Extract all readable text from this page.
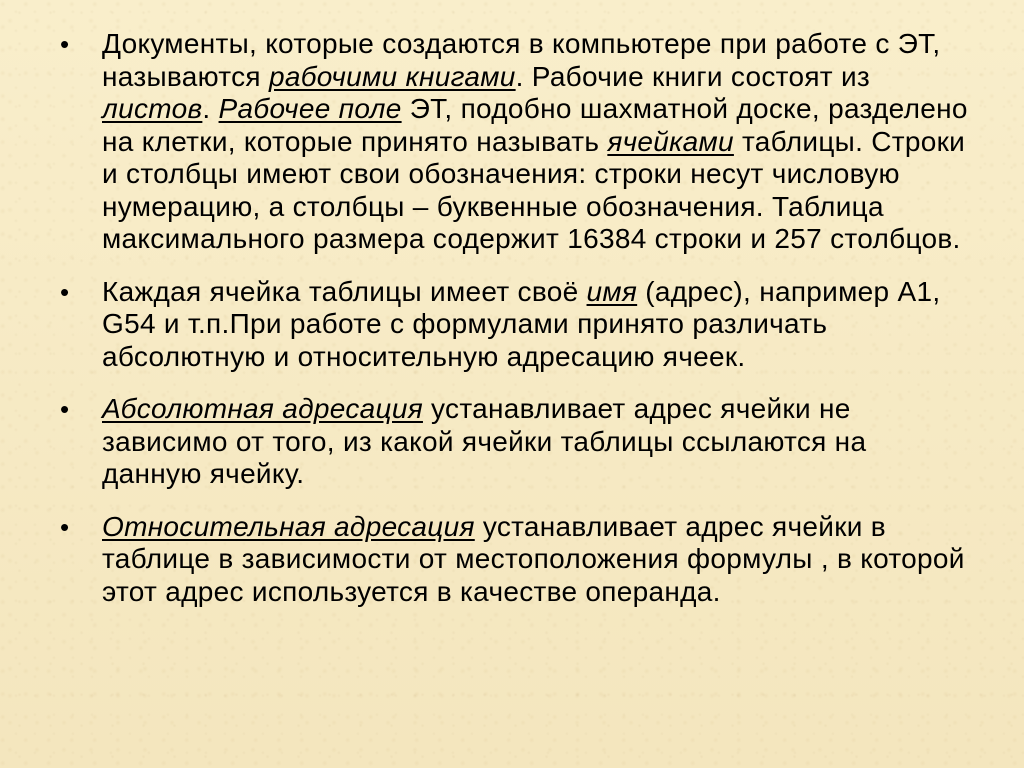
• Документы, которые создаются в компьютере при работе с ЭТ, называются рабочими книгами. Рабочие книги состоят из листов. Рабочее поле ЭТ, подобно шахматной доске, разделено на клетки, которые принято называть ячейками таблицы. Строки и столбцы имеют свои обозначения: строки несут числовую нумерацию, а столбцы – буквенные обозначения. Таблица максимального размера содержит 16384 строки и 257 столбцов.
• Каждая ячейка таблицы имеет своё имя (адрес), например А1, G54 и т.п.При работе с формулами принято различать абсолютную и относительную адресацию ячеек.
• Абсолютная адресация устанавливает адрес ячейки не зависимо от того, из какой ячейки таблицы ссылаются на данную ячейку.
• Относительная адресация устанавливает адрес ячейки в таблице в зависимости от местоположения формулы , в которой этот адрес используется в качестве операнда.
